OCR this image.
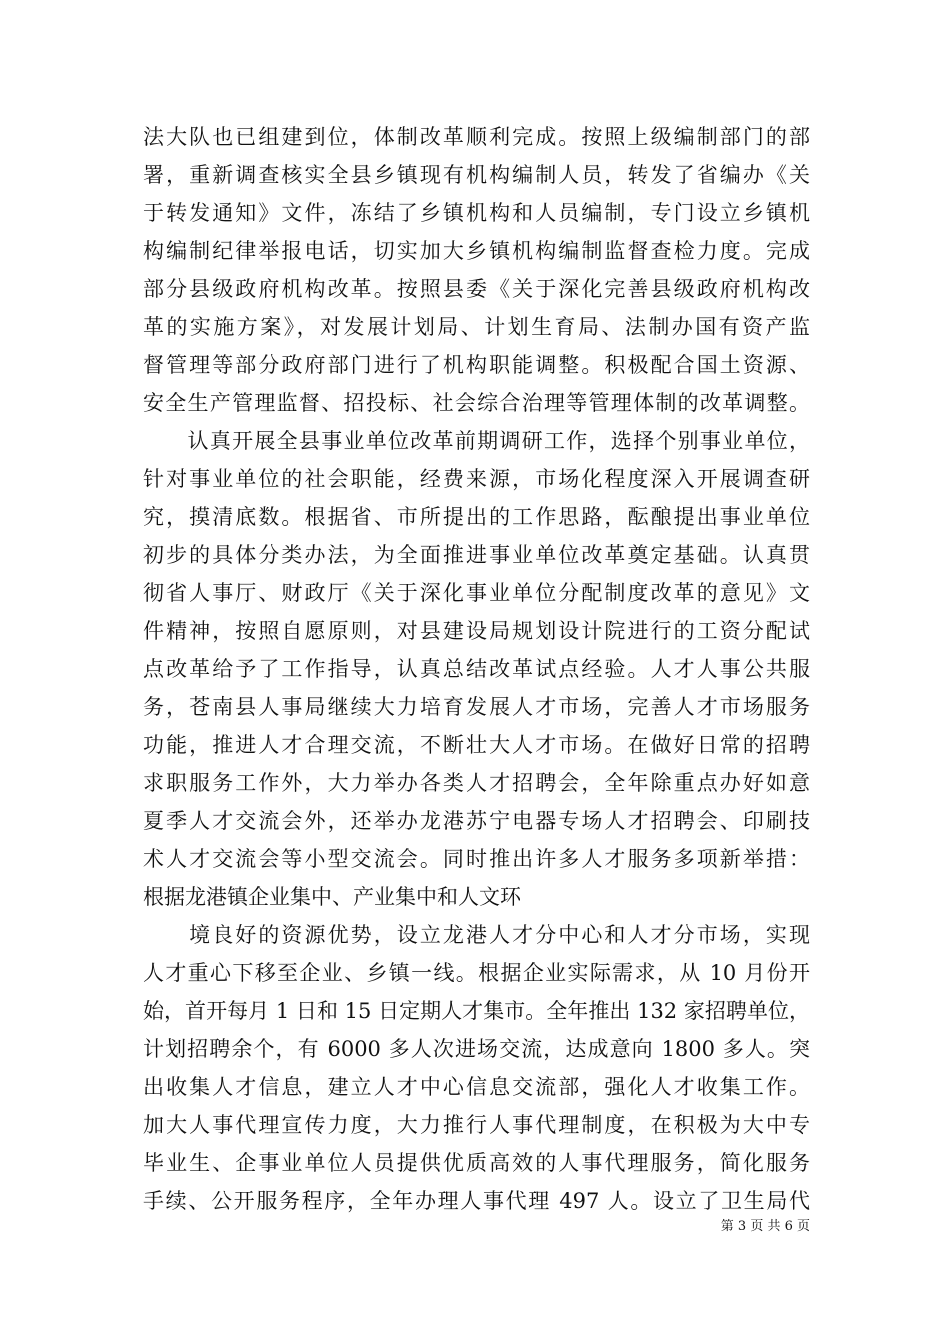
法大队也已组建到位，体制改革顺利完成。按照上级编制部门的部
署，重新调查核实全县乡镇现有机构编制人员，转发了省编办《关
于转发通知》文件，冻结了乡镇机构和人员编制，专门设立乡镇机
构编制纪律举报电话，切实加大乡镇机构编制监督查检力度。完成
部分县级政府机构改革。按照县委《关于深化完善县级政府机构改
革的实施方案》，对发展计划局、计划生育局、法制办国有资产监
督管理等部分政府部门进行了机构职能调整。积极配合国土资源、
安全生产管理监督、招投标、社会综合治理等管理体制的改革调整。
　　认真开展全县事业单位改革前期调研工作，选择个别事业单位，
针对事业单位的社会职能，经费来源，市场化程度深入开展调查研
究，摸清底数。根据省、市所提出的工作思路，酝酿提出事业单位
初步的具体分类办法，为全面推进事业单位改革奠定基础。认真贯
彻省人事厅、财政厅《关于深化事业单位分配制度改革的意见》文
件精神，按照自愿原则，对县建设局规划设计院进行的工资分配试
点改革给予了工作指导，认真总结改革试点经验。人才人事公共服
务，苍南县人事局继续大力培育发展人才市场，完善人才市场服务
功能，推进人才合理交流，不断壮大人才市场。在做好日常的招聘
求职服务工作外，大力举办各类人才招聘会，全年除重点办好如意
夏季人才交流会外，还举办龙港苏宁电器专场人才招聘会、印刷技
术人才交流会等小型交流会。同时推出许多人才服务多项新举措：
根据龙港镇企业集中、产业集中和人文环
　　境良好的资源优势，设立龙港人才分中心和人才分市场，实现
人才重心下移至企业、乡镇一线。根据企业实际需求，从 10 月份开
始，首开每月 1 日和 15 日定期人才集市。全年推出 132 家招聘单位，
计划招聘余个，有 6000 多人次进场交流，达成意向 1800 多人。突
出收集人才信息，建立人才中心信息交流部，强化人才收集工作。
加大人事代理宣传力度，大力推行人事代理制度，在积极为大中专
毕业生、企事业单位人员提供优质高效的人事代理服务，简化服务
手续、公开服务程序，全年办理人事代理 497 人。设立了卫生局代
第 3 页 共 6 页
